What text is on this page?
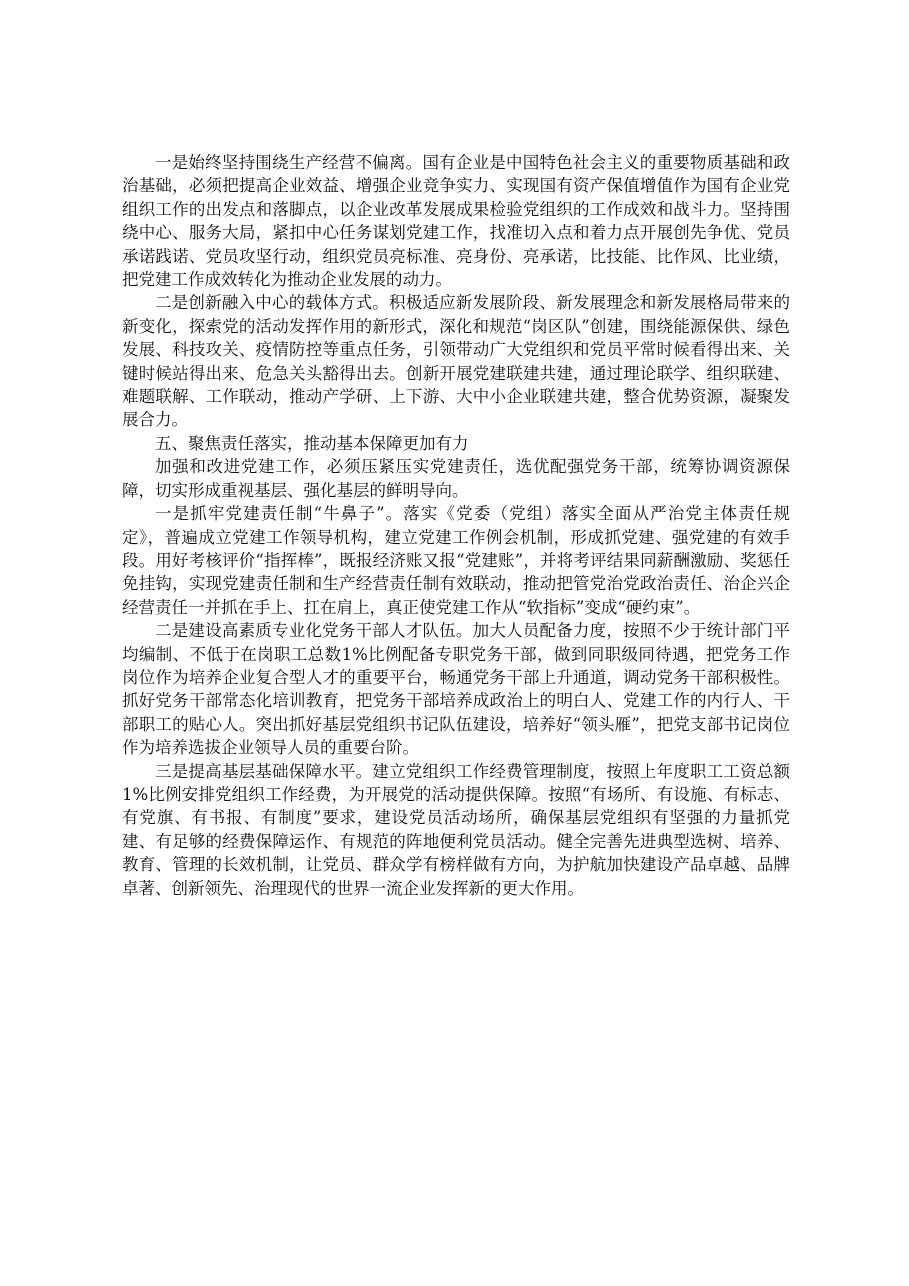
一是始终坚持围绕生产经营不偏离。国有企业是中国特色社会主义的重要物质基础和政治基础，必须把提高企业效益、增强企业竞争实力、实现国有资产保值增值作为国有企业党组织工作的出发点和落脚点，以企业改革发展成果检验党组织的工作成效和战斗力。坚持围绕中心、服务大局，紧扣中心任务谋划党建工作，找准切入点和着力点开展创先争优、党员承诺践诺、党员攻坚行动，组织党员亮标准、亮身份、亮承诺，比技能、比作风、比业绩，把党建工作成效转化为推动企业发展的动力。

二是创新融入中心的载体方式。积极适应新发展阶段、新发展理念和新发展格局带来的新变化，探索党的活动发挥作用的新形式，深化和规范“岗区队”创建，围绕能源保供、绿色发展、科技攻关、疫情防控等重点任务，引领带动广大党组织和党员平常时候看得出来、关键时候站得出来、危急关头豁得出去。创新开展党建联建共建，通过理论联学、组织联建、难题联解、工作联动，推动产学研、上下游、大中小企业联建共建，整合优势资源，凝聚发展合力。

五、聚焦责任落实，推动基本保障更加有力

加强和改进党建工作，必须压紧压实党建责任，选优配强党务干部，统筹协调资源保障，切实形成重视基层、强化基层的鲜明导向。

一是抓牢党建责任制“牛鼻子”。落实《党委（党组）落实全面从严治党主体责任规定》，普遍成立党建工作领导机构，建立党建工作例会机制，形成抓党建、强党建的有效手段。用好考核评价“指挥棒”，既报经济账又报“党建账”，并将考评结果同薪酬激励、奖惩任免挂钩，实现党建责任制和生产经营责任制有效联动，推动把管党治党政治责任、治企兴企经营责任一并抓在手上、扛在肩上，真正使党建工作从“软指标”变成“硬约束”。

二是建设高素质专业化党务干部人才队伍。加大人员配备力度，按照不少于统计部门平均编制、不低于在岗职工总数1%比例配备专职党务干部，做到同职级同待遇，把党务工作岗位作为培养企业复合型人才的重要平台，畅通党务干部上升通道，调动党务干部积极性。抓好党务干部常态化培训教育，把党务干部培养成政治上的明白人、党建工作的内行人、干部职工的贴心人。突出抓好基层党组织书记队伍建设，培养好“领头雁”，把党支部书记岗位作为培养选拔企业领导人员的重要台阶。

三是提高基层基础保障水平。建立党组织工作经费管理制度，按照上年度职工工资总额1%比例安排党组织工作经费，为开展党的活动提供保障。按照“有场所、有设施、有标志、有党旗、有书报、有制度”要求，建设党员活动场所，确保基层党组织有坚强的力量抓党建、有足够的经费保障运作、有规范的阵地便利党员活动。健全完善先进典型选树、培养、教育、管理的长效机制，让党员、群众学有榜样做有方向，为护航加快建设产品卓越、品牌卓著、创新领先、治理现代的世界一流企业发挥新的更大作用。
